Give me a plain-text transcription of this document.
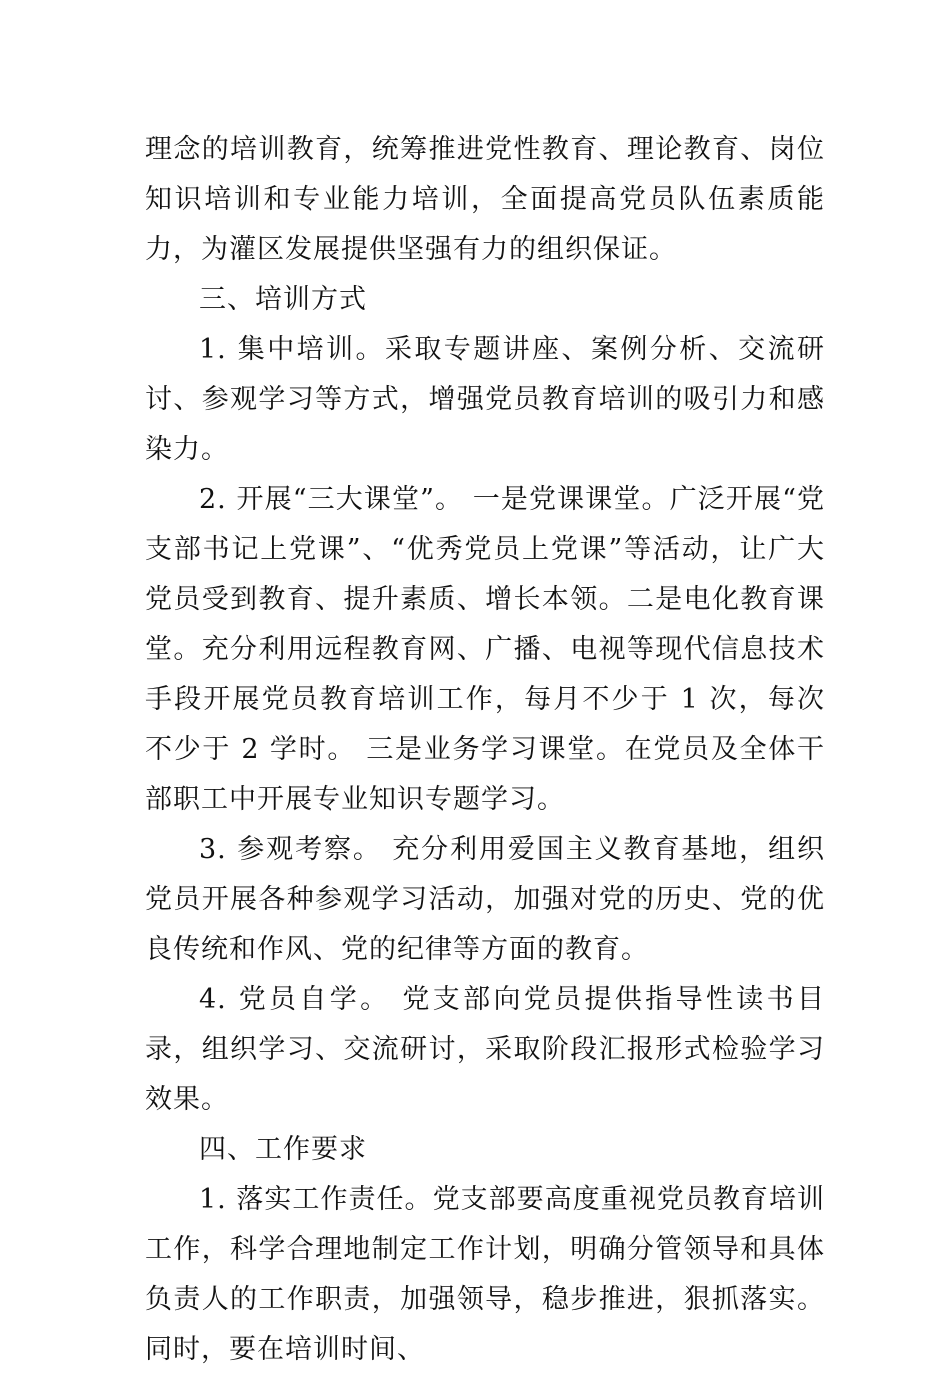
理念的培训教育，统筹推进党性教育、理论教育、岗位知识培训和专业能力培训，全面提高党员队伍素质能力，为灌区发展提供坚强有力的组织保证。

三、培训方式

1. 集中培训。采取专题讲座、案例分析、交流研讨、参观学习等方式，增强党员教育培训的吸引力和感染力。

2. 开展“三大课堂”。 一是党课课堂。广泛开展“党支部书记上党课”、“优秀党员上党课”等活动，让广大党员受到教育、提升素质、增长本领。二是电化教育课堂。充分利用远程教育网、广播、电视等现代信息技术手段开展党员教育培训工作，每月不少于 1 次，每次不少于 2 学时。 三是业务学习课堂。在党员及全体干部职工中开展专业知识专题学习。

3. 参观考察。 充分利用爱国主义教育基地，组织党员开展各种参观学习活动，加强对党的历史、党的优良传统和作风、党的纪律等方面的教育。

4. 党员自学。 党支部向党员提供指导性读书目录，组织学习、交流研讨，采取阶段汇报形式检验学习效果。

四、工作要求

1. 落实工作责任。党支部要高度重视党员教育培训工作，科学合理地制定工作计划，明确分管领导和具体负责人的工作职责，加强领导，稳步推进，狠抓落实。同时，要在培训时间、
